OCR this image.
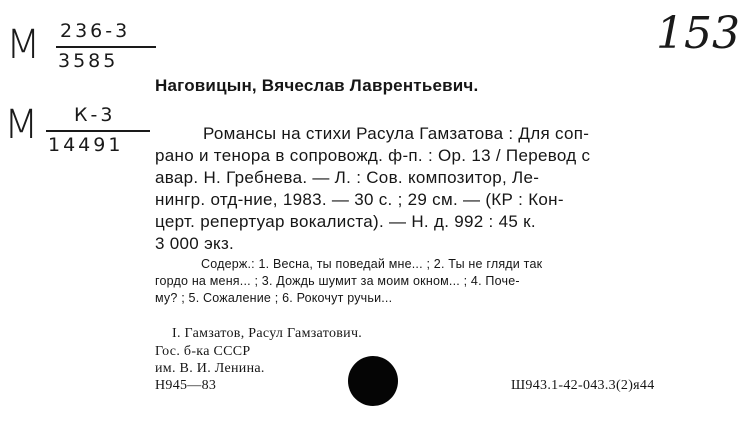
М 236-3
3585
М К-3
14491
153
Наговицын, Вячеслав Лаврентьевич.
Романсы на стихи Расула Гамзатова : Для соп-
рано и тенора в сопровожд. ф-п. : Ор. 13 / Перевод с
авар. Н. Гребнева. — Л. : Сов. композитор, Ле-
нингр. отд-ние, 1983. — 30 с. ; 29 см. — (КР : Кон-
церт. репертуар вокалиста). — Н. д. 992 : 45 к.
3 000 экз.
Содерж.: 1. Весна, ты поведай мне... ; 2. Ты не гляди так
гордо на меня... ; 3. Дождь шумит за моим окном... ; 4. Поче-
му? ; 5. Сожаление ; 6. Рокочут ручьи...
I. Гамзатов, Расул Гамзатович.
Гос. б-ка СССР
им. В. И. Ленина.
Н945—83	Ш943.1-42-043.3(2)я44
